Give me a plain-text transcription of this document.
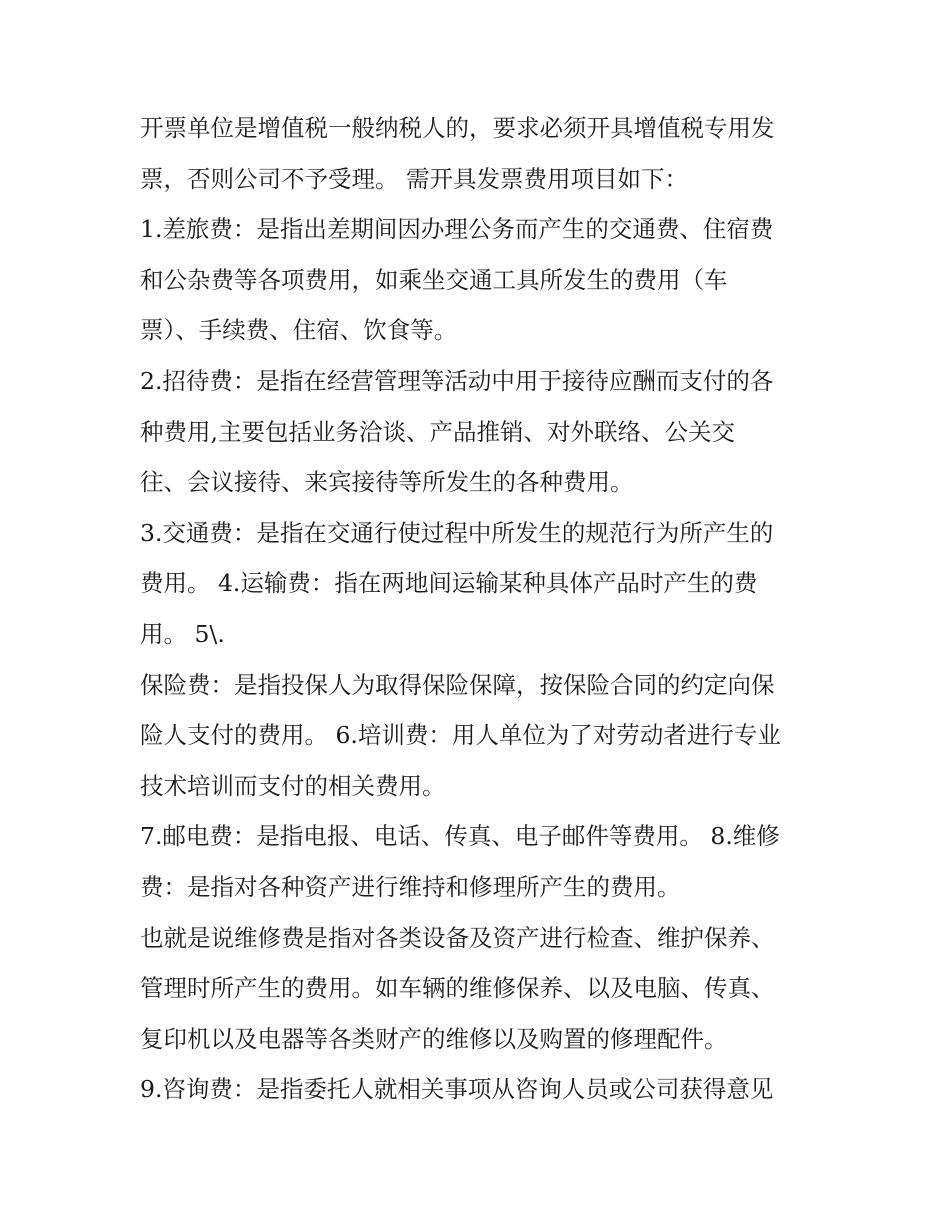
开票单位是增值税一般纳税人的，要求必须开具增值税专用发
票，否则公司不予受理。 需开具发票费用项目如下：
1.差旅费：是指出差期间因办理公务而产生的交通费、住宿费
和公杂费等各项费用，如乘坐交通工具所发生的费用（车
票）、手续费、住宿、饮食等。
2.招待费：是指在经营管理等活动中用于接待应酬而支付的各
种费用,主要包括业务洽谈、产品推销、对外联络、公关交
往、会议接待、来宾接待等所发生的各种费用。
3.交通费：是指在交通行使过程中所发生的规范行为所产生的
费用。 4.运输费：指在两地间运输某种具体产品时产生的费
用。 5\.
保险费：是指投保人为取得保险保障，按保险合同的约定向保
险人支付的费用。 6.培训费：用人单位为了对劳动者进行专业
技术培训而支付的相关费用。
7.邮电费：是指电报、电话、传真、电子邮件等费用。 8.维修
费：是指对各种资产进行维持和修理所产生的费用。
也就是说维修费是指对各类设备及资产进行检查、维护保养、
管理时所产生的费用。如车辆的维修保养、以及电脑、传真、
复印机以及电器等各类财产的维修以及购置的修理配件。
9.咨询费：是指委托人就相关事项从咨询人员或公司获得意见
